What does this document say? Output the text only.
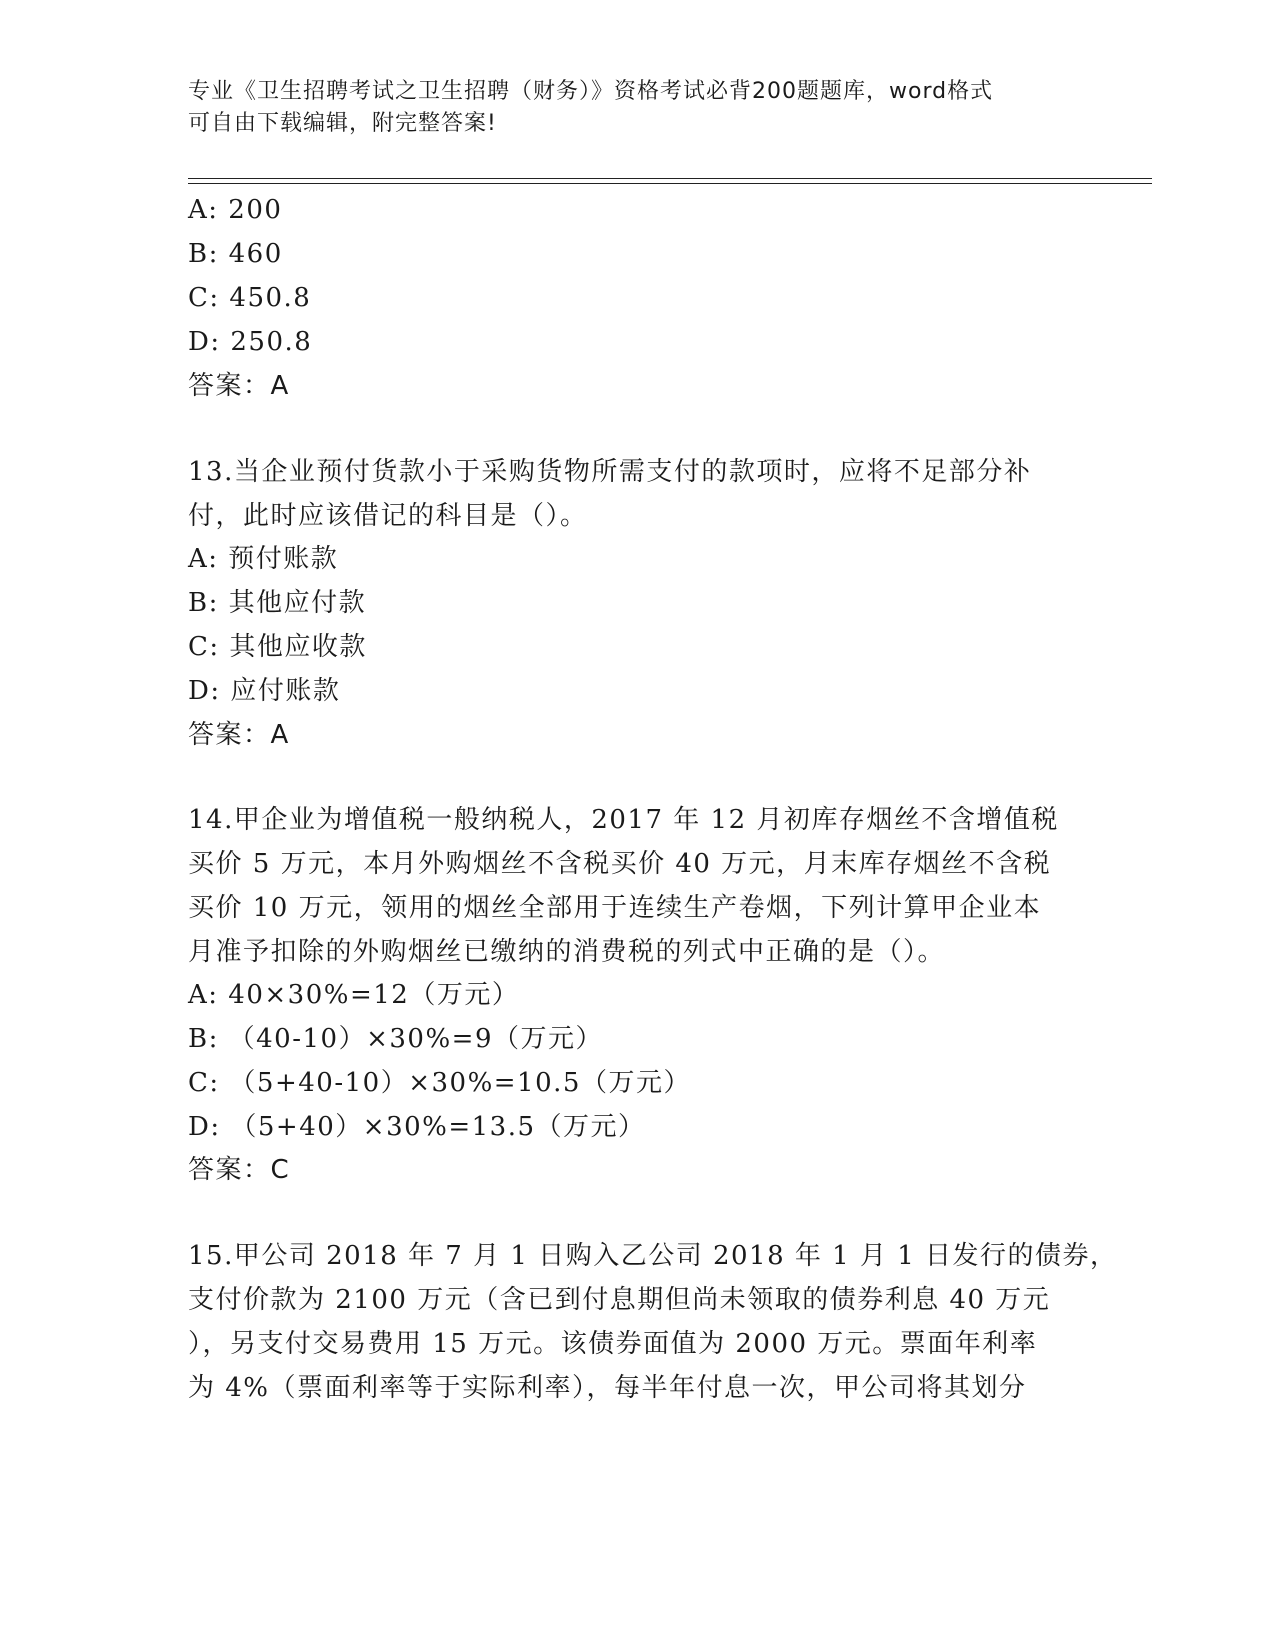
专业《卫生招聘考试之卫生招聘（财务）》资格考试必背200题题库，word格式
可自由下载编辑，附完整答案!
A: 200
B: 460
C: 450.8
D: 250.8
答案：A
13.当企业预付货款小于采购货物所需支付的款项时，应将不足部分补
付，此时应该借记的科目是（）。
A: 预付账款
B: 其他应付款
C: 其他应收款
D: 应付账款
答案：A
14.甲企业为增值税一般纳税人，2017 年 12 月初库存烟丝不含增值税
买价 5 万元，本月外购烟丝不含税买价 40 万元，月末库存烟丝不含税
买价 10 万元，领用的烟丝全部用于连续生产卷烟，下列计算甲企业本
月准予扣除的外购烟丝已缴纳的消费税的列式中正确的是（）。
A: 40×30%=12（万元）
B: （40-10）×30%=9（万元）
C: （5+40-10）×30%=10.5（万元）
D: （5+40）×30%=13.5（万元）
答案：C
15.甲公司 2018 年 7 月 1 日购入乙公司 2018 年 1 月 1 日发行的债券，
支付价款为 2100 万元（含已到付息期但尚未领取的债券利息 40 万元
），另支付交易费用 15 万元。该债券面值为 2000 万元。票面年利率
为 4%（票面利率等于实际利率），每半年付息一次，甲公司将其划分
